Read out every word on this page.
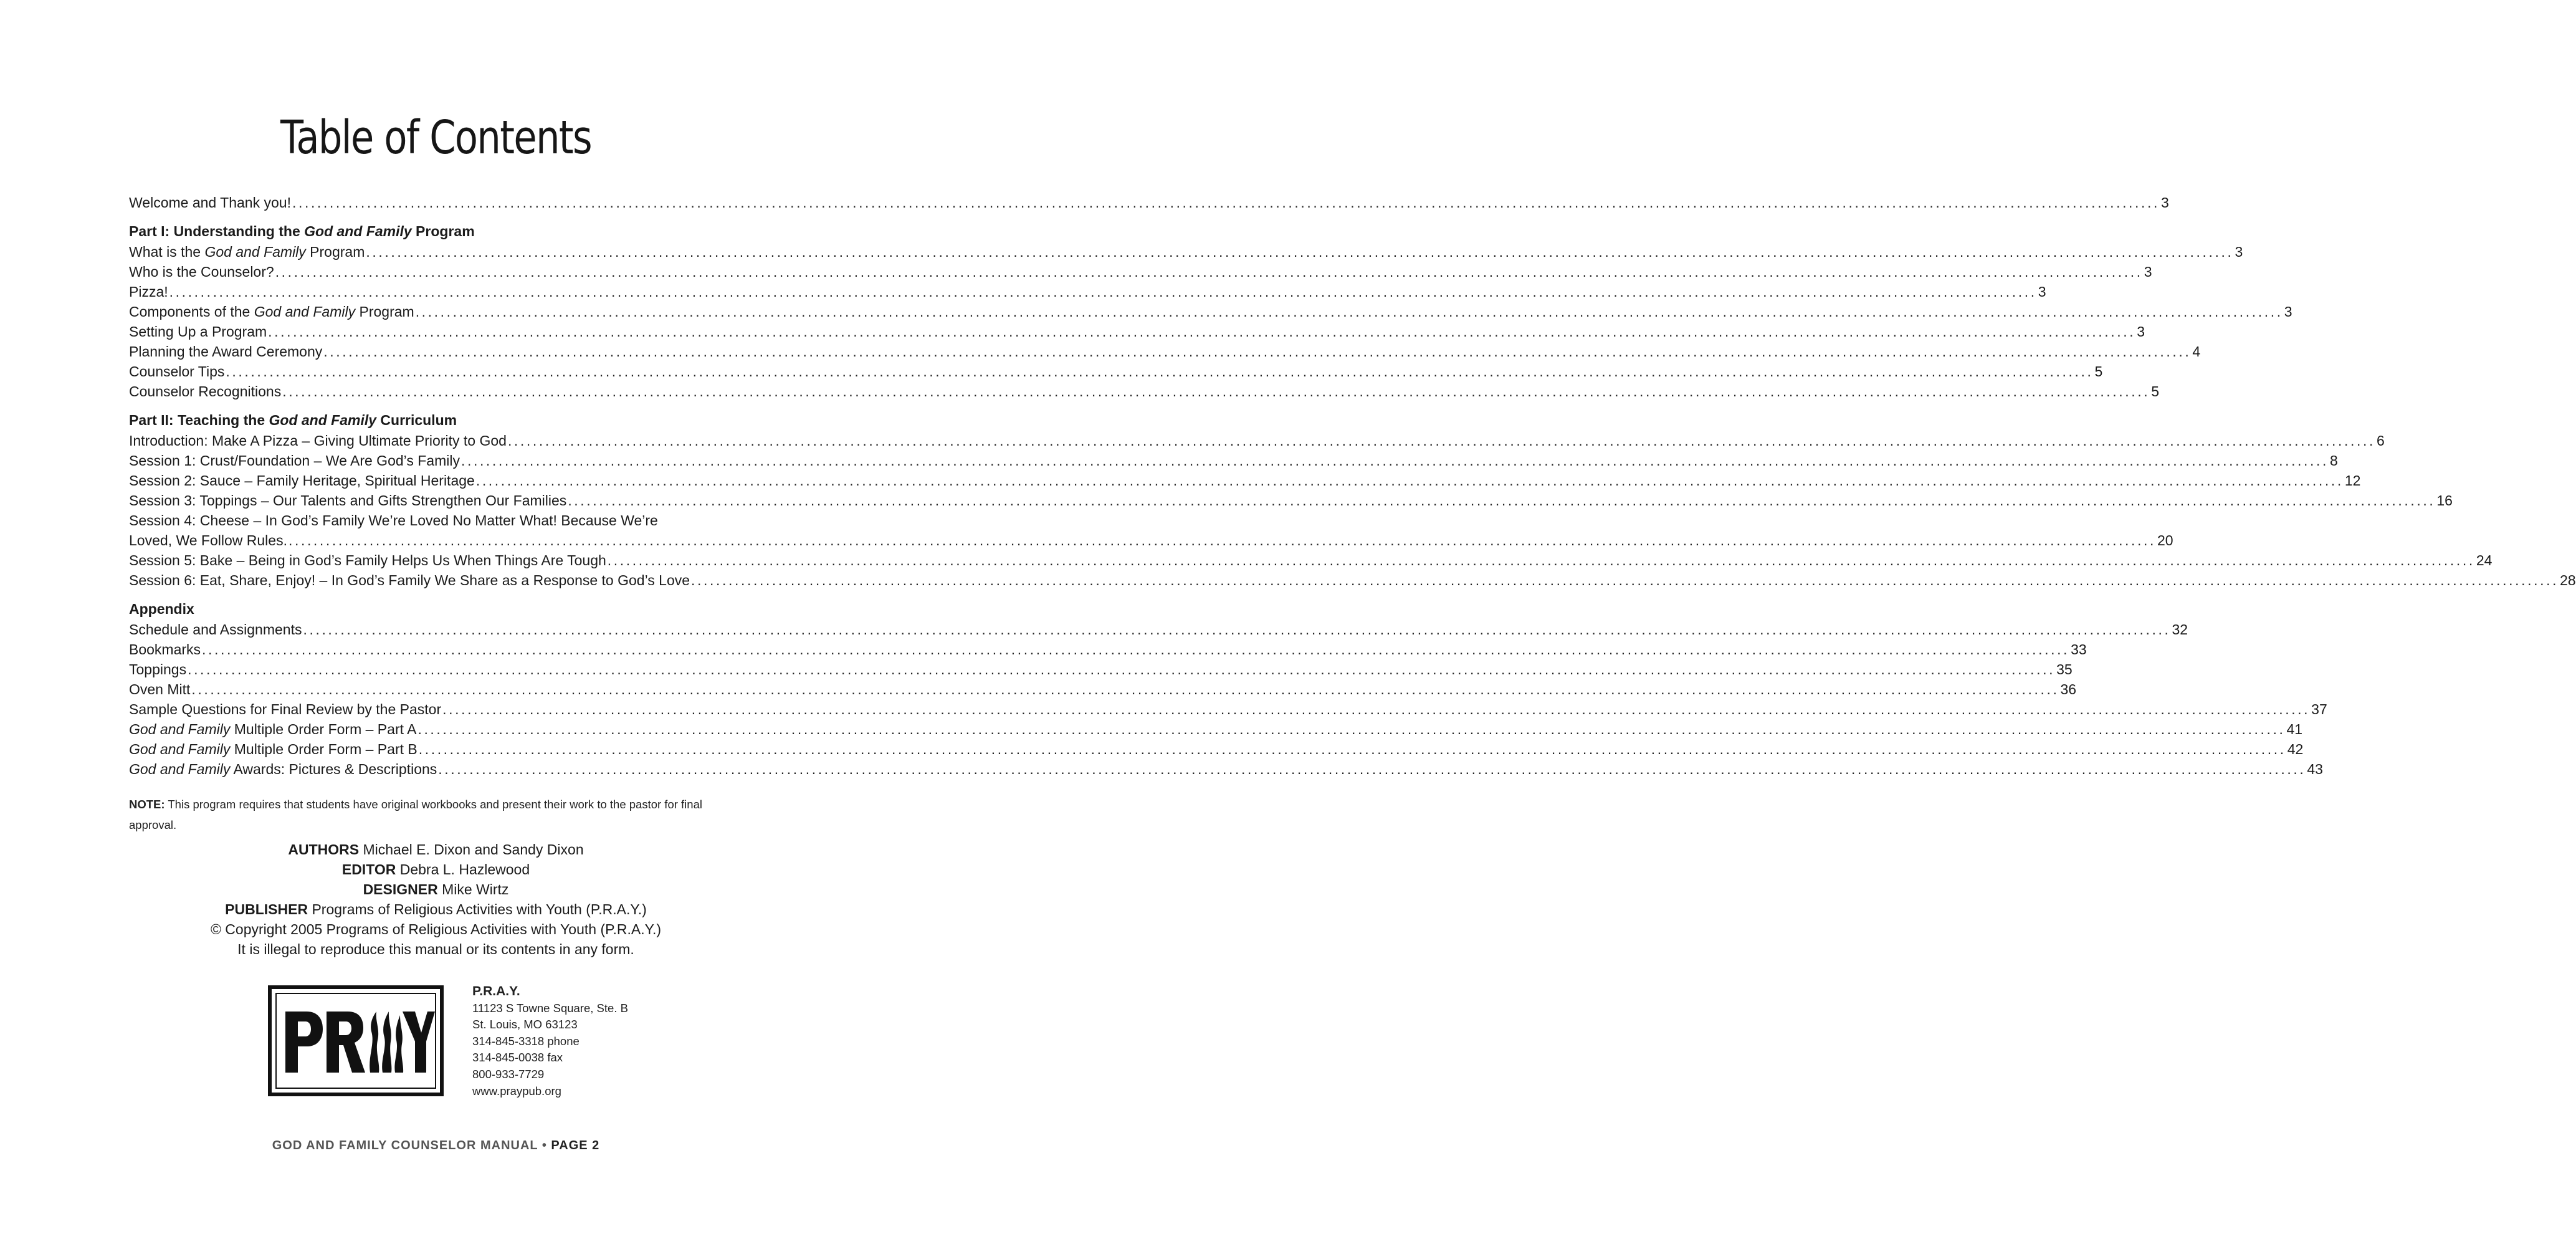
Table of Contents
Welcome and Thank you! ............................................................................................................................................................................................................................................................................................................ 3
Part I: Understanding the God and Family Program
What is the God and Family Program ............................................................................................................................................................................................................................................................................................................ 3
Who is the Counselor? ............................................................................................................................................................................................................................................................................................................ 3
Pizza! ............................................................................................................................................................................................................................................................................................................ 3
Components of the God and Family Program ............................................................................................................................................................................................................................................................................................................ 3
Setting Up a Program ............................................................................................................................................................................................................................................................................................................ 3
Planning the Award Ceremony ............................................................................................................................................................................................................................................................................................................ 4
Counselor Tips ............................................................................................................................................................................................................................................................................................................ 5
Counselor Recognitions ............................................................................................................................................................................................................................................................................................................ 5
Part II: Teaching the God and Family Curriculum
Introduction: Make A Pizza – Giving Ultimate Priority to God ............................................................................................................................................................................................................................................................................................................ 6
Session 1: Crust/Foundation – We Are God’s Family ............................................................................................................................................................................................................................................................................................................ 8
Session 2: Sauce – Family Heritage, Spiritual Heritage ............................................................................................................................................................................................................................................................................................................ 12
Session 3: Toppings – Our Talents and Gifts Strengthen Our Families ............................................................................................................................................................................................................................................................................................................ 16
Session 4: Cheese – In God’s Family We’re Loved No Matter What! Because We’re
Loved, We Follow Rules. ............................................................................................................................................................................................................................................................................................................ 20
Session 5: Bake – Being in God’s Family Helps Us When Things Are Tough ............................................................................................................................................................................................................................................................................................................ 24
Session 6: Eat, Share, Enjoy! – In God’s Family We Share as a Response to God’s Love ............................................................................................................................................................................................................................................................................................................ 28
Appendix
Schedule and Assignments ............................................................................................................................................................................................................................................................................................................ 32
Bookmarks ............................................................................................................................................................................................................................................................................................................ 33
Toppings ............................................................................................................................................................................................................................................................................................................ 35
Oven Mitt ............................................................................................................................................................................................................................................................................................................ 36
Sample Questions for Final Review by the Pastor ............................................................................................................................................................................................................................................................................................................ 37
God and Family Multiple Order Form – Part A ............................................................................................................................................................................................................................................................................................................ 41
God and Family Multiple Order Form – Part B ............................................................................................................................................................................................................................................................................................................ 42
God and Family Awards: Pictures & Descriptions ............................................................................................................................................................................................................................................................................................................ 43
NOTE: This program requires that students have original workbooks and present their work to the pastor for final approval.
AUTHORS Michael E. Dixon and Sandy Dixon
EDITOR Debra L. Hazlewood
DESIGNER Mike Wirtz
PUBLISHER Programs of Religious Activities with Youth (P.R.A.Y.)
© Copyright 2005 Programs of Religious Activities with Youth (P.R.A.Y.)
It is illegal to reproduce this manual or its contents in any form.
P.R.A.Y.
11123 S Towne Square, Ste. B
St. Louis, MO 63123
314-845-3318 phone
314-845-0038 fax
800-933-7729
www.praypub.org
GOD AND FAMILY COUNSELOR MANUAL • PAGE 2
